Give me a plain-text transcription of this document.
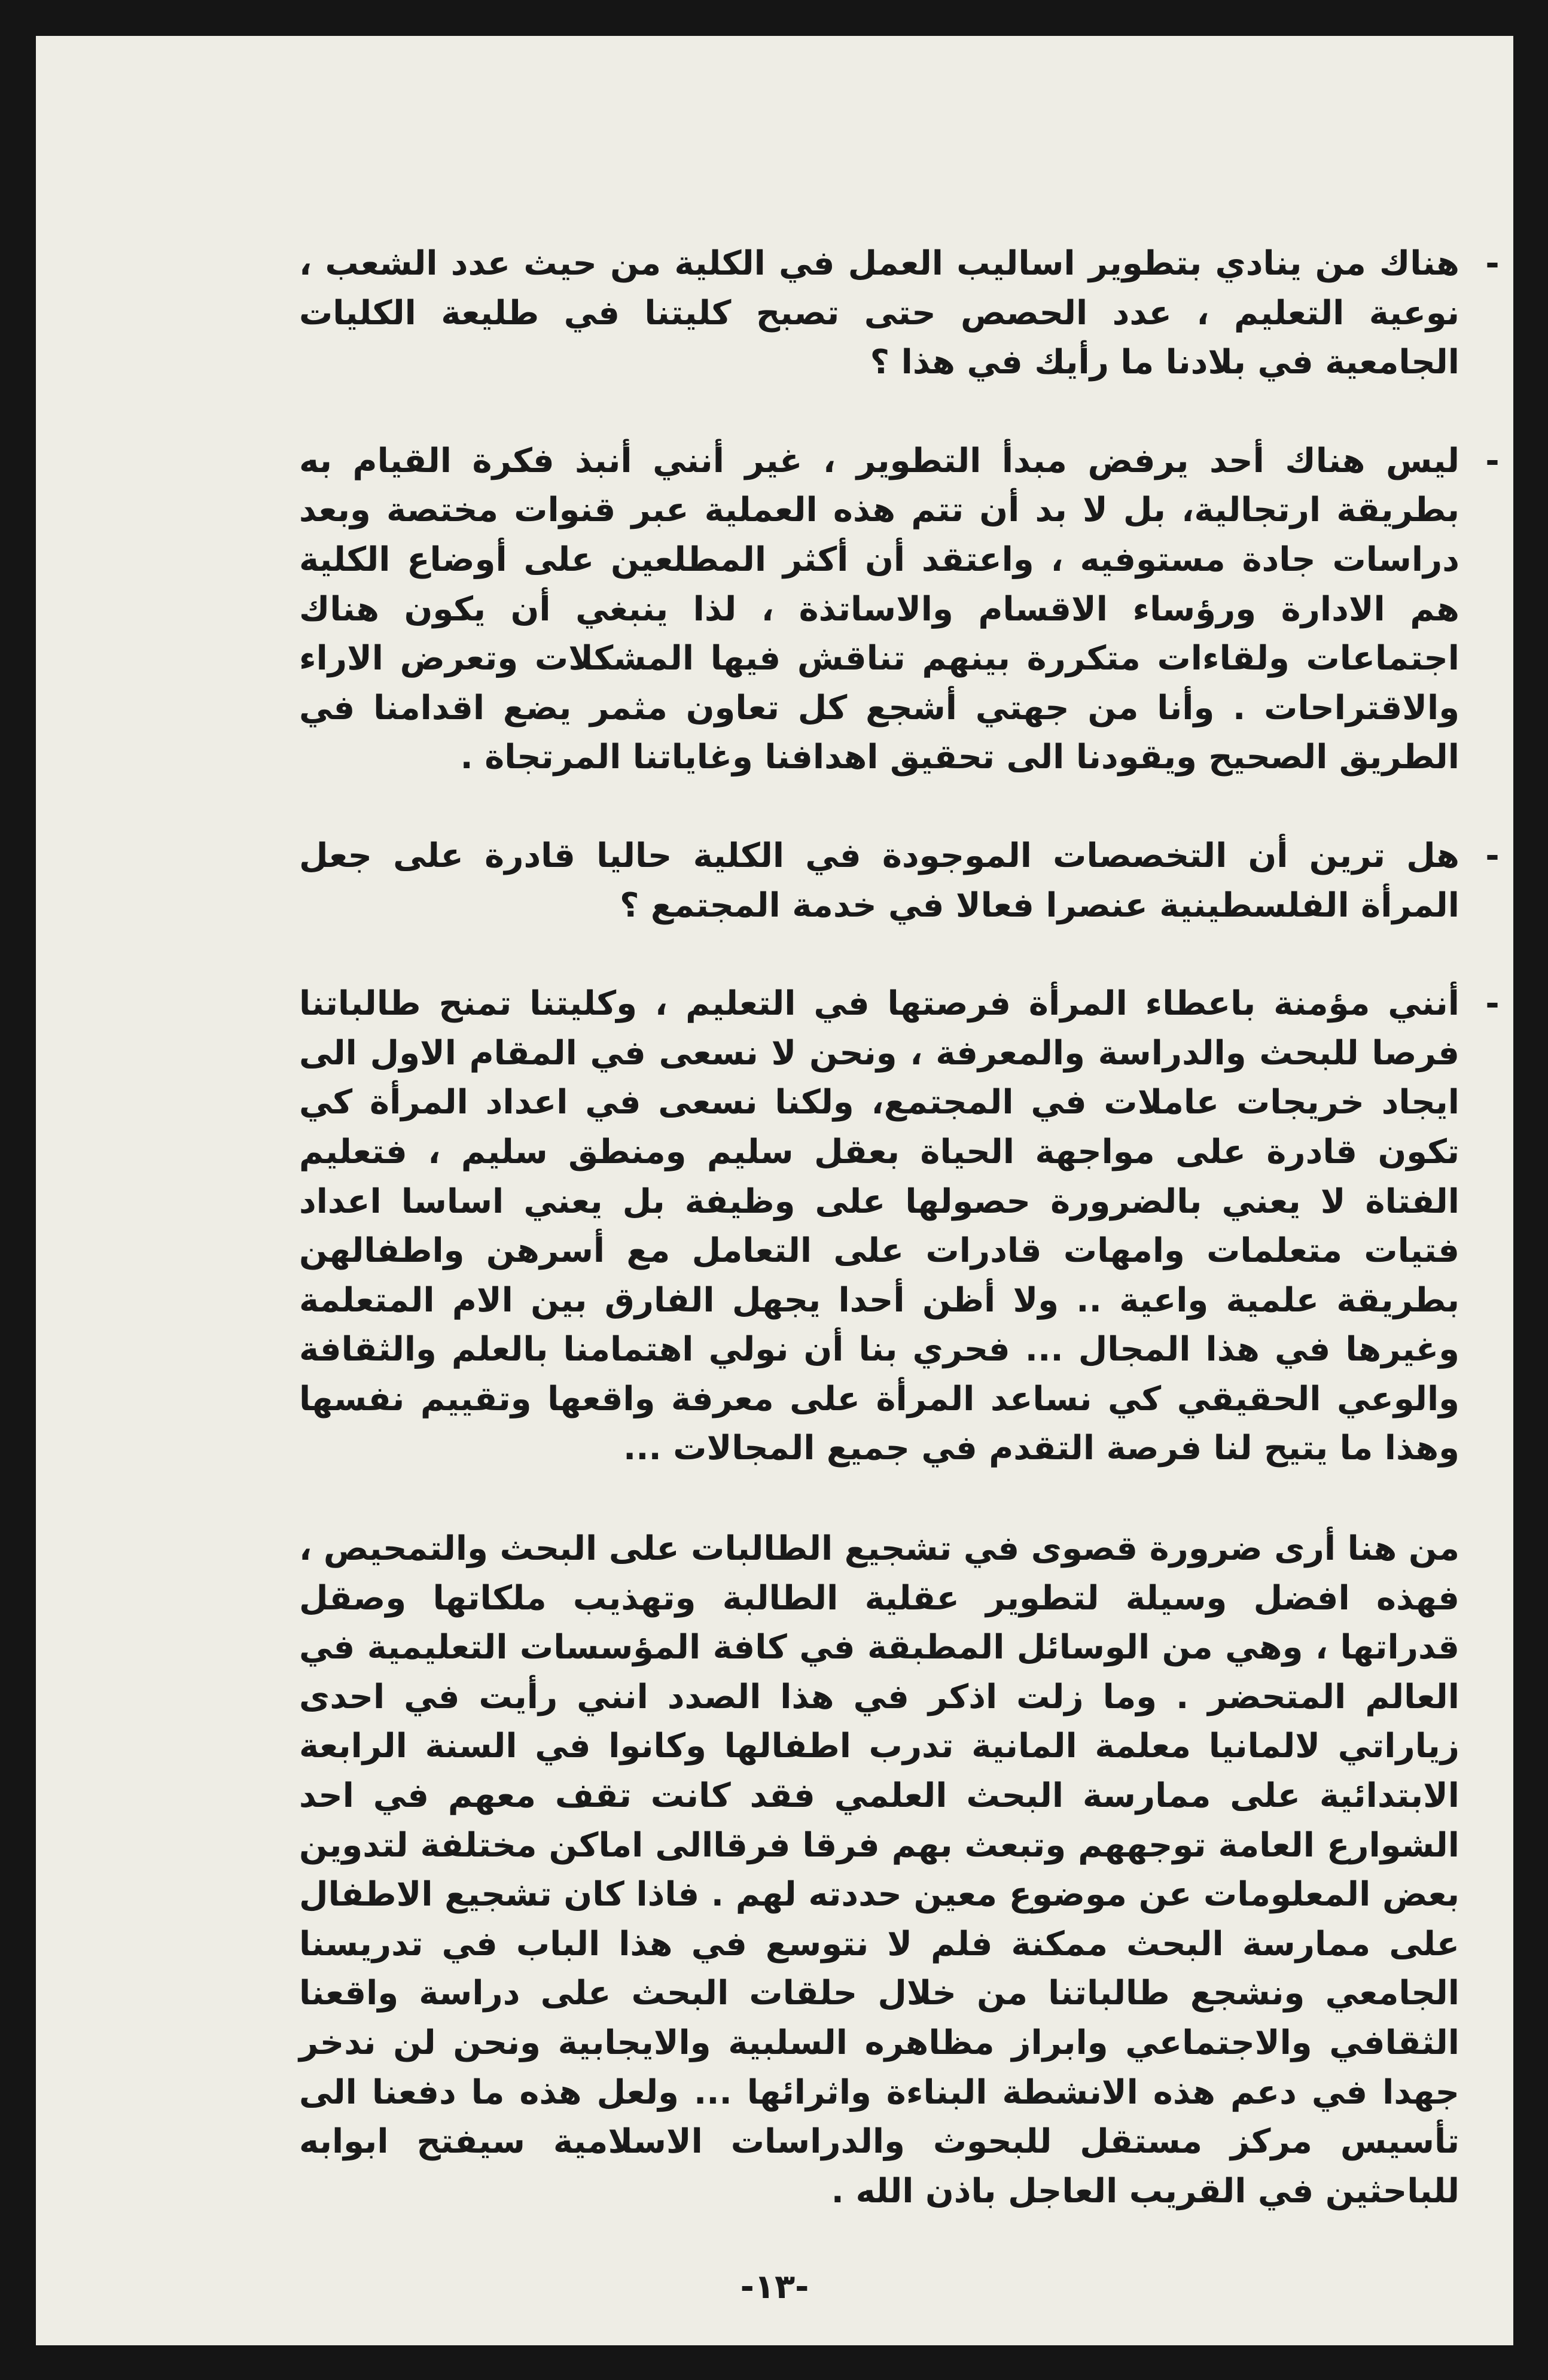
-
هناك من ينادي بتطوير اساليب العمل في الكلية من حيث عدد الشعب ، نوعية التعليم ، عدد الحصص حتى تصبح كليتنا في طليعة الكليات الجامعية في بلادنا ما رأيك في هذا ؟

-
ليس هناك أحد يرفض مبدأ التطوير ، غير أنني أنبذ فكرة القيام به بطريقة ارتجالية، بل لا بد أن تتم هذه العملية عبر قنوات مختصة وبعد دراسات جادة مستوفيه ، واعتقد أن أكثر المطلعين على أوضاع الكلية هم الادارة ورؤساء الاقسام والاساتذة ، لذا ينبغي أن يكون هناك اجتماعات ولقاءات متكررة بينهم تناقش فيها المشكلات وتعرض الاراء والاقتراحات . وأنا من جهتي أشجع كل تعاون مثمر يضع اقدامنا في الطريق الصحيح ويقودنا الى تحقيق اهدافنا وغاياتنا المرتجاة .

-
هل ترين أن التخصصات الموجودة في الكلية حاليا قادرة على جعل المرأة الفلسطينية عنصرا فعالا في خدمة المجتمع ؟

-
أنني مؤمنة باعطاء المرأة فرصتها في التعليم ، وكليتنا تمنح طالباتنا فرصا للبحث والدراسة والمعرفة ، ونحن لا نسعى في المقام الاول الى ايجاد خريجات عاملات في المجتمع، ولكنا نسعى في اعداد المرأة كي تكون قادرة على مواجهة الحياة بعقل سليم ومنطق سليم ، فتعليم الفتاة لا يعني بالضرورة حصولها على وظيفة بل يعني اساسا اعداد فتيات متعلمات وامهات قادرات على التعامل مع أسرهن واطفالهن بطريقة علمية واعية .. ولا أظن أحدا يجهل الفارق بين الام المتعلمة وغيرها في هذا المجال ... فحري بنا أن نولي اهتمامنا بالعلم والثقافة والوعي الحقيقي كي نساعد المرأة على معرفة واقعها وتقييم نفسها وهذا ما يتيح لنا فرصة التقدم في جميع المجالات ...

من هنا أرى ضرورة قصوى في تشجيع الطالبات على البحث والتمحيص ، فهذه افضل وسيلة لتطوير عقلية الطالبة وتهذيب ملكاتها وصقل قدراتها ، وهي من الوسائل المطبقة في كافة المؤسسات التعليمية في العالم المتحضر . وما زلت اذكر في هذا الصدد انني رأيت في احدى زياراتي لالمانيا معلمة المانية تدرب اطفالها وكانوا في السنة الرابعة الابتدائية على ممارسة البحث العلمي فقد كانت تقف معهم في احد الشوارع العامة توجههم وتبعث بهم فرقا فرقاالى اماكن مختلفة لتدوين بعض المعلومات عن موضوع معين حددته لهم . فاذا كان تشجيع الاطفال على ممارسة البحث ممكنة فلم لا نتوسع في هذا الباب في تدريسنا الجامعي ونشجع طالباتنا من خلال حلقات البحث على دراسة واقعنا الثقافي والاجتماعي وابراز مظاهره السلبية والايجابية ونحن لن ندخر جهدا في دعم هذه الانشطة البناءة واثرائها ... ولعل هذه ما دفعنا الى تأسيس مركز مستقل للبحوث والدراسات الاسلامية سيفتح ابوابه للباحثين في القريب العاجل باذن الله .

-١٣-
